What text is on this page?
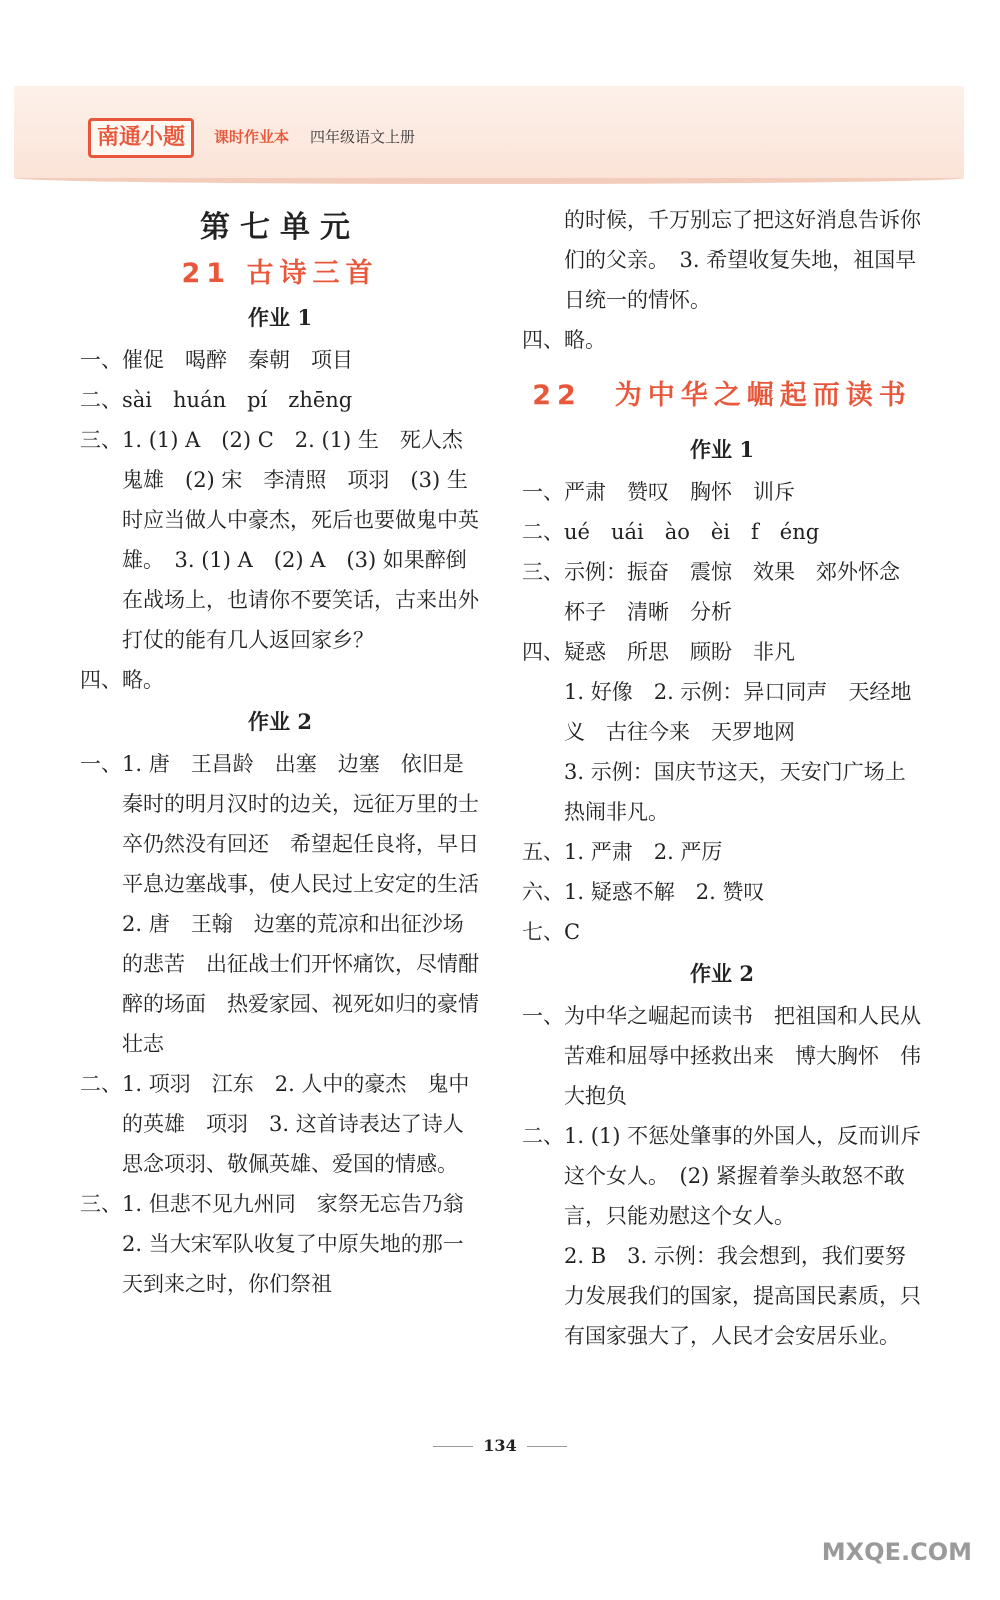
南通小题	课时作业本 四年级语文上册
第七单元
21 古诗三首
作业 1

一、催促　喝醉　秦朝　项目

二、sài　huán　pí　zhēng

三、1. (1) A　(2) C　2. (1) 生　死人杰　鬼雄　(2) 宋　李清照　项羽　(3) 生时应当做人中豪杰，死后也要做鬼中英雄。　3. (1) A　(2) A　(3) 如果醉倒在战场上，也请你不要笑话，古来出外打仗的能有几人返回家乡？

四、略。

作业 2

一、1. 唐　王昌龄　出塞　边塞　依旧是秦时的明月汉时的边关，远征万里的士卒仍然没有回还　希望起任良将，早日平息边塞战事，使人民过上安定的生活　2. 唐　王翰　边塞的荒凉和出征沙场的悲苦　出征战士们开怀痛饮，尽情酣醉的场面　热爱家园、视死如归的豪情壮志

二、1. 项羽　江东　2. 人中的豪杰　鬼中的英雄　项羽　3. 这首诗表达了诗人思念项羽、敬佩英雄、爱国的情感。

三、1. 但悲不见九州同　家祭无忘告乃翁　2. 当大宋军队收复了中原失地的那一天到来之时，你们祭祖

的时候，千万别忘了把这好消息告诉你们的父亲。　3. 希望收复失地，祖国早日统一的情怀。

四、略。

22　为中华之崛起而读书
作业 1

一、严肃　赞叹　胸怀　训斥

二、ué　uái　ào　èi　f　éng

三、示例：振奋　震惊　效果　郊外怀念　杯子　清晰　分析

四、疑惑　所思　顾盼　非凡

1. 好像　2. 示例：异口同声　天经地义　古往今来　天罗地网

3. 示例：国庆节这天，天安门广场上热闹非凡。

五、1. 严肃　2. 严厉

六、1. 疑惑不解　2. 赞叹

七、C

作业 2

一、为中华之崛起而读书　把祖国和人民从苦难和屈辱中拯救出来　博大胸怀　伟大抱负

二、1. (1) 不惩处肇事的外国人，反而训斥这个女人。　(2) 紧握着拳头敢怒不敢言，只能劝慰这个女人。

2. B　3. 示例：我会想到，我们要努力发展我们的国家，提高国民素质，只有国家强大了，人民才会安居乐业。

134
MXQE.COM
